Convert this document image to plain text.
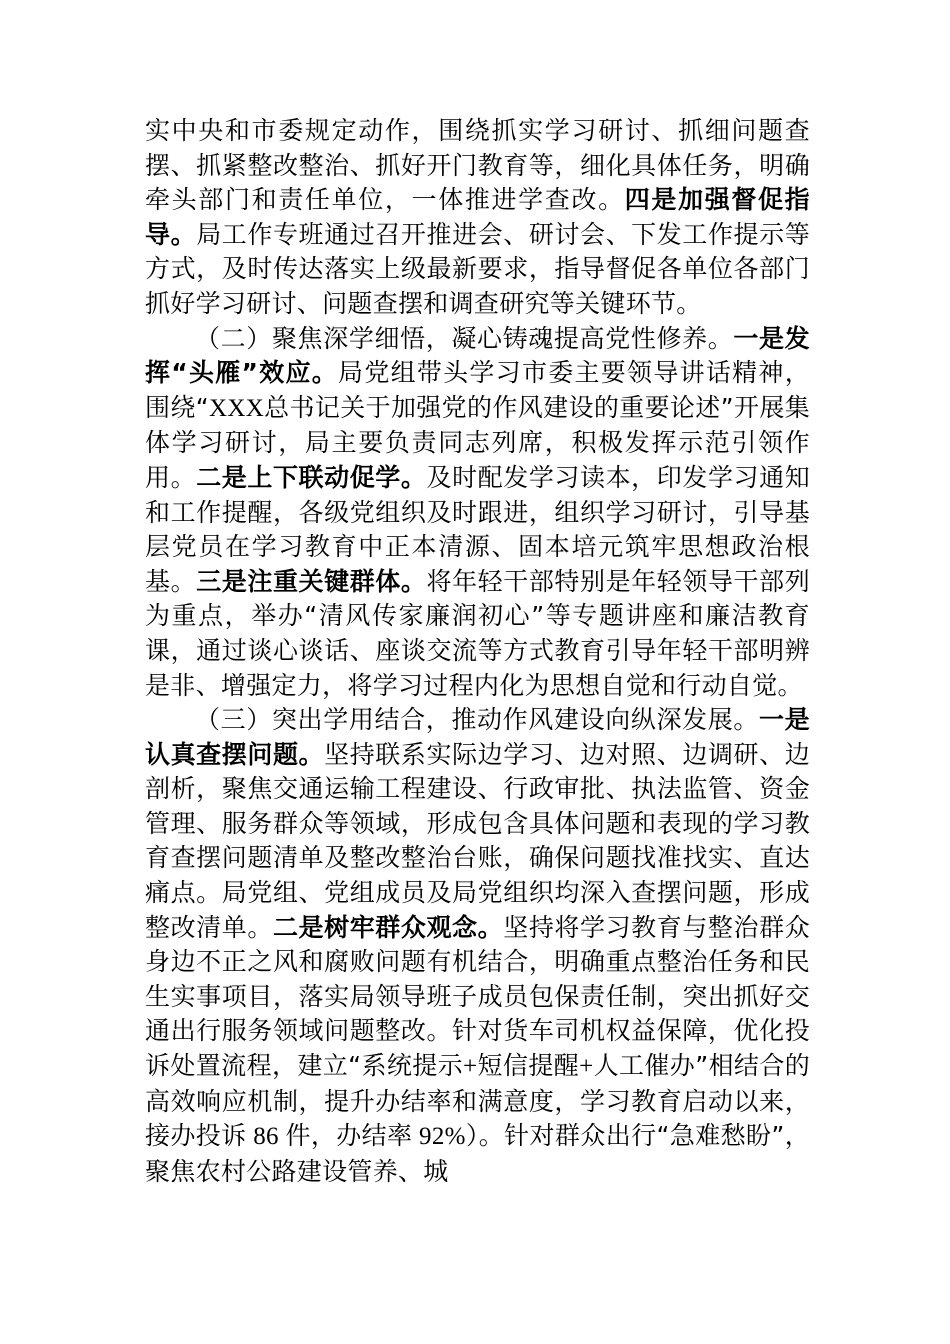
实中央和市委规定动作，围绕抓实学习研讨、抓细问题查摆、抓紧整改整治、抓好开门教育等，细化具体任务，明确牵头部门和责任单位，一体推进学查改。四是加强督促指导。局工作专班通过召开推进会、研讨会、下发工作提示等方式，及时传达落实上级最新要求，指导督促各单位各部门抓好学习研讨、问题查摆和调查研究等关键环节。

（二）聚焦深学细悟，凝心铸魂提高党性修养。一是发挥“头雁”效应。局党组带头学习市委主要领导讲话精神，围绕“XXX总书记关于加强党的作风建设的重要论述”开展集体学习研讨，局主要负责同志列席，积极发挥示范引领作用。二是上下联动促学。及时配发学习读本，印发学习通知和工作提醒，各级党组织及时跟进，组织学习研讨，引导基层党员在学习教育中正本清源、固本培元筑牢思想政治根基。三是注重关键群体。将年轻干部特别是年轻领导干部列为重点，举办“清风传家廉润初心”等专题讲座和廉洁教育课，通过谈心谈话、座谈交流等方式教育引导年轻干部明辨是非、增强定力，将学习过程内化为思想自觉和行动自觉。

（三）突出学用结合，推动作风建设向纵深发展。一是认真查摆问题。坚持联系实际边学习、边对照、边调研、边剖析，聚焦交通运输工程建设、行政审批、执法监管、资金管理、服务群众等领域，形成包含具体问题和表现的学习教育查摆问题清单及整改整治台账，确保问题找准找实、直达痛点。局党组、党组成员及局党组织均深入查摆问题，形成整改清单。二是树牢群众观念。坚持将学习教育与整治群众身边不正之风和腐败问题有机结合，明确重点整治任务和民生实事项目，落实局领导班子成员包保责任制，突出抓好交通出行服务领域问题整改。针对货车司机权益保障，优化投诉处置流程，建立“系统提示+短信提醒+人工催办”相结合的高效响应机制，提升办结率和满意度，学习教育启动以来，接办投诉 86 件，办结率 92%）。针对群众出行“急难愁盼”，聚焦农村公路建设管养、城
